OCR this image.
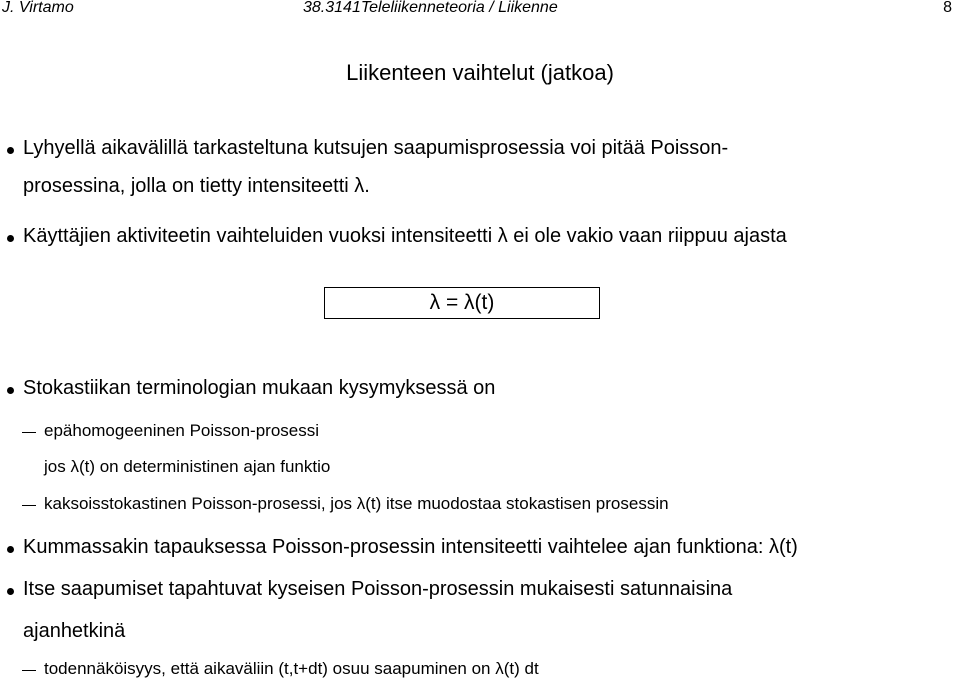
J. Virtamo	38.3141Teleliikenneteoria / Liikenne	8
Liikenteen vaihtelut (jatkoa)
Lyhyellä aikavälillä tarkasteltuna kutsujen saapumisprosessia voi pitää Poisson-
prosessina, jolla on tietty intensiteetti λ.
Käyttäjien aktiviteetin vaihteluiden vuoksi intensiteetti λ ei ole vakio vaan riippuu ajasta
λ = λ(t)
Stokastiikan terminologian mukaan kysymyksessä on
epähomogeeninen Poisson-prosessi
jos λ(t) on deterministinen ajan funktio
kaksoisstokastinen Poisson-prosessi, jos λ(t) itse muodostaa stokastisen prosessin
Kummassakin tapauksessa Poisson-prosessin intensiteetti vaihtelee ajan funktiona: λ(t)
Itse saapumiset tapahtuvat kyseisen Poisson-prosessin mukaisesti satunnaisina
ajanhetkinä
todennäköisyys, että aikaväliin (t,t+dt) osuu saapuminen on λ(t) dt
